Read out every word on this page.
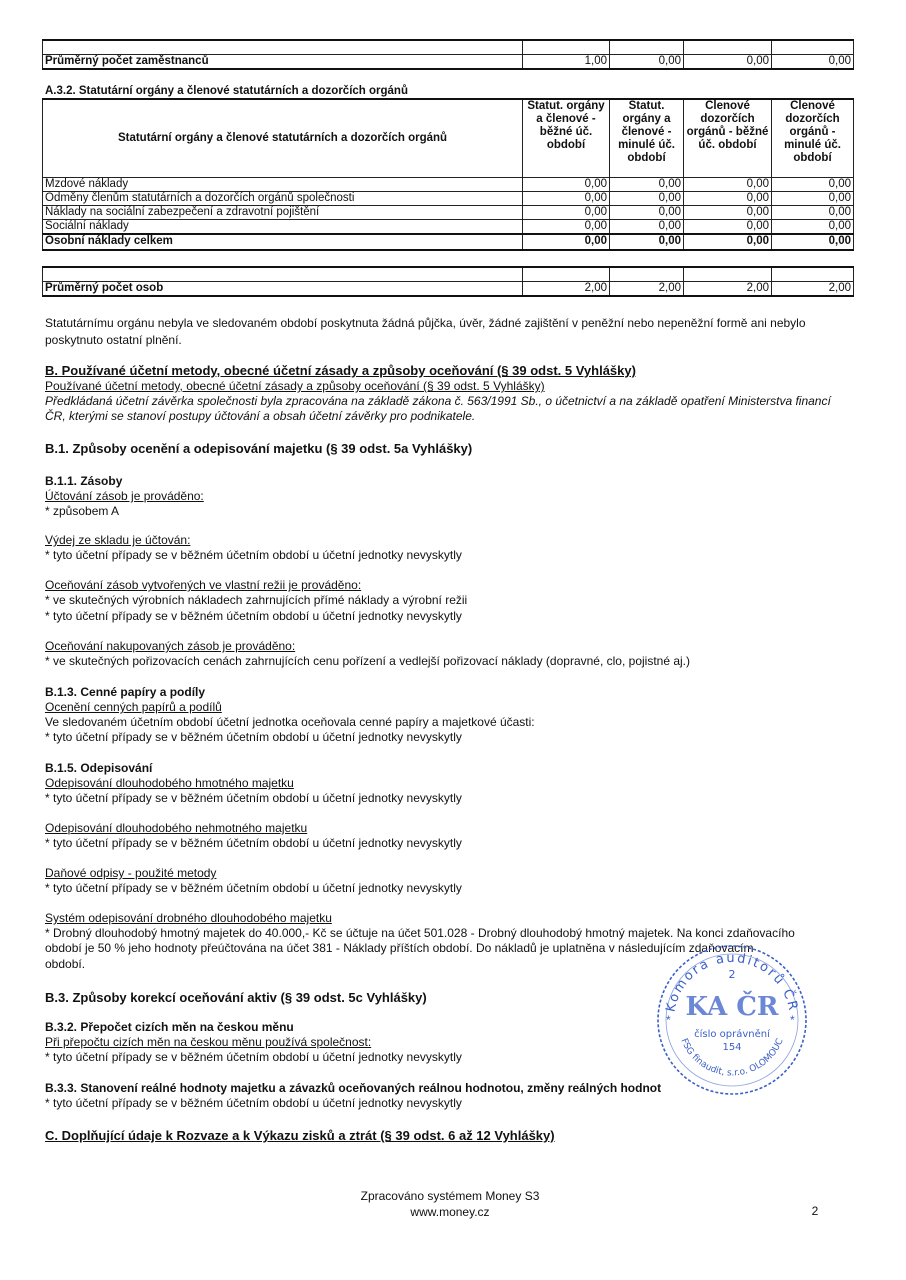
Průměrný počet zaměstnanců	1,00	0,00	0,00	0,00
A.3.2. Statutární orgány a členové statutárních a dozorčích orgánů
Statutární orgány a členové statutárních a dozorčích orgánů	Statut. orgány a členové - běžné úč. období	Statut. orgány a členové - minulé úč. období	Členové dozorčích orgánů - běžné úč. období	Členové dozorčích orgánů - minulé úč. období
Mzdové náklady	0,00	0,00	0,00	0,00
Odměny členům statutárních a dozorčích orgánů společnosti	0,00	0,00	0,00	0,00
Náklady na sociální zabezpečení a zdravotní pojištění	0,00	0,00	0,00	0,00
Sociální náklady	0,00	0,00	0,00	0,00
Osobní náklady celkem	0,00	0,00	0,00	0,00

Průměrný počet osob	2,00	2,00	2,00	2,00
Statutárnímu orgánu nebyla ve sledovaném období poskytnuta žádná půjčka, úvěr, žádné zajištění v peněžní nebo nepeněžní formě ani nebylo poskytnuto ostatní plnění.
B. Používané účetní metody, obecné účetní zásady a způsoby oceňování (§ 39 odst. 5 Vyhlášky)
Používané účetní metody, obecné účetní zásady a způsoby oceňování (§ 39 odst. 5 Vyhlášky)
Předkládaná účetní závěrka společnosti byla zpracována na základě zákona č. 563/1991 Sb., o účetnictví a na základě opatření Ministerstva financí ČR, kterými se stanoví postupy účtování a obsah účetní závěrky pro podnikatele.
B.1. Způsoby ocenění a odepisování majetku (§ 39 odst. 5a Vyhlášky)
B.1.1. Zásoby
Účtování zásob je prováděno:
* způsobem A
Výdej ze skladu je účtován:
* tyto účetní případy se v běžném účetním období u účetní jednotky nevyskytly
Oceňování zásob vytvořených ve vlastní režii je prováděno:
* ve skutečných výrobních nákladech zahrnujících přímé náklady a výrobní režii
* tyto účetní případy se v běžném účetním období u účetní jednotky nevyskytly
Oceňování nakupovaných zásob je prováděno:
* ve skutečných pořizovacích cenách zahrnujících cenu pořízení a vedlejší pořizovací náklady (dopravné, clo, pojistné aj.)
B.1.3. Cenné papíry a podíly
Ocenění cenných papírů a podílů
Ve sledovaném účetním období účetní jednotka oceňovala cenné papíry a majetkové účasti:
* tyto účetní případy se v běžném účetním období u účetní jednotky nevyskytly
B.1.5. Odepisování
Odepisování dlouhodobého hmotného majetku
* tyto účetní případy se v běžném účetním období u účetní jednotky nevyskytly
Odepisování dlouhodobého nehmotného majetku
* tyto účetní případy se v běžném účetním období u účetní jednotky nevyskytly
Daňové odpisy - použité metody
* tyto účetní případy se v běžném účetním období u účetní jednotky nevyskytly
Systém odepisování drobného dlouhodobého majetku
* Drobný dlouhodobý hmotný majetek do 40.000,- Kč se účtuje na účet 501.028 - Drobný dlouhodobý hmotný majetek. Na konci zdaňovacího
období je 50 % jeho hodnoty přeúčtována na účet 381 - Náklady příštích období. Do nákladů je uplatněna v následujícím zdaňovacím
období.
B.3. Způsoby korekcí oceňování aktiv (§ 39 odst. 5c Vyhlášky)
B.3.2. Přepočet cizích měn na českou měnu
Při přepočtu cizích měn na českou měnu používá společnost:
* tyto účetní případy se v běžném účetním období u účetní jednotky nevyskytly
B.3.3. Stanovení reálné hodnoty majetku a závazků oceňovaných reálnou hodnotou, změny reálných hodnot
* tyto účetní případy se v běžném účetním období u účetní jednotky nevyskytly
C. Doplňující údaje k Rozvaze a k Výkazu zisků a ztrát (§ 39 odst. 6 až 12 Vyhlášky)
Komora auditorů ČR
2
KA ČR
číslo oprávnění
154
FSG finaudit, s.r.o. OLOMOUC
*	*
Zpracováno systémem Money S3
www.money.cz	2
